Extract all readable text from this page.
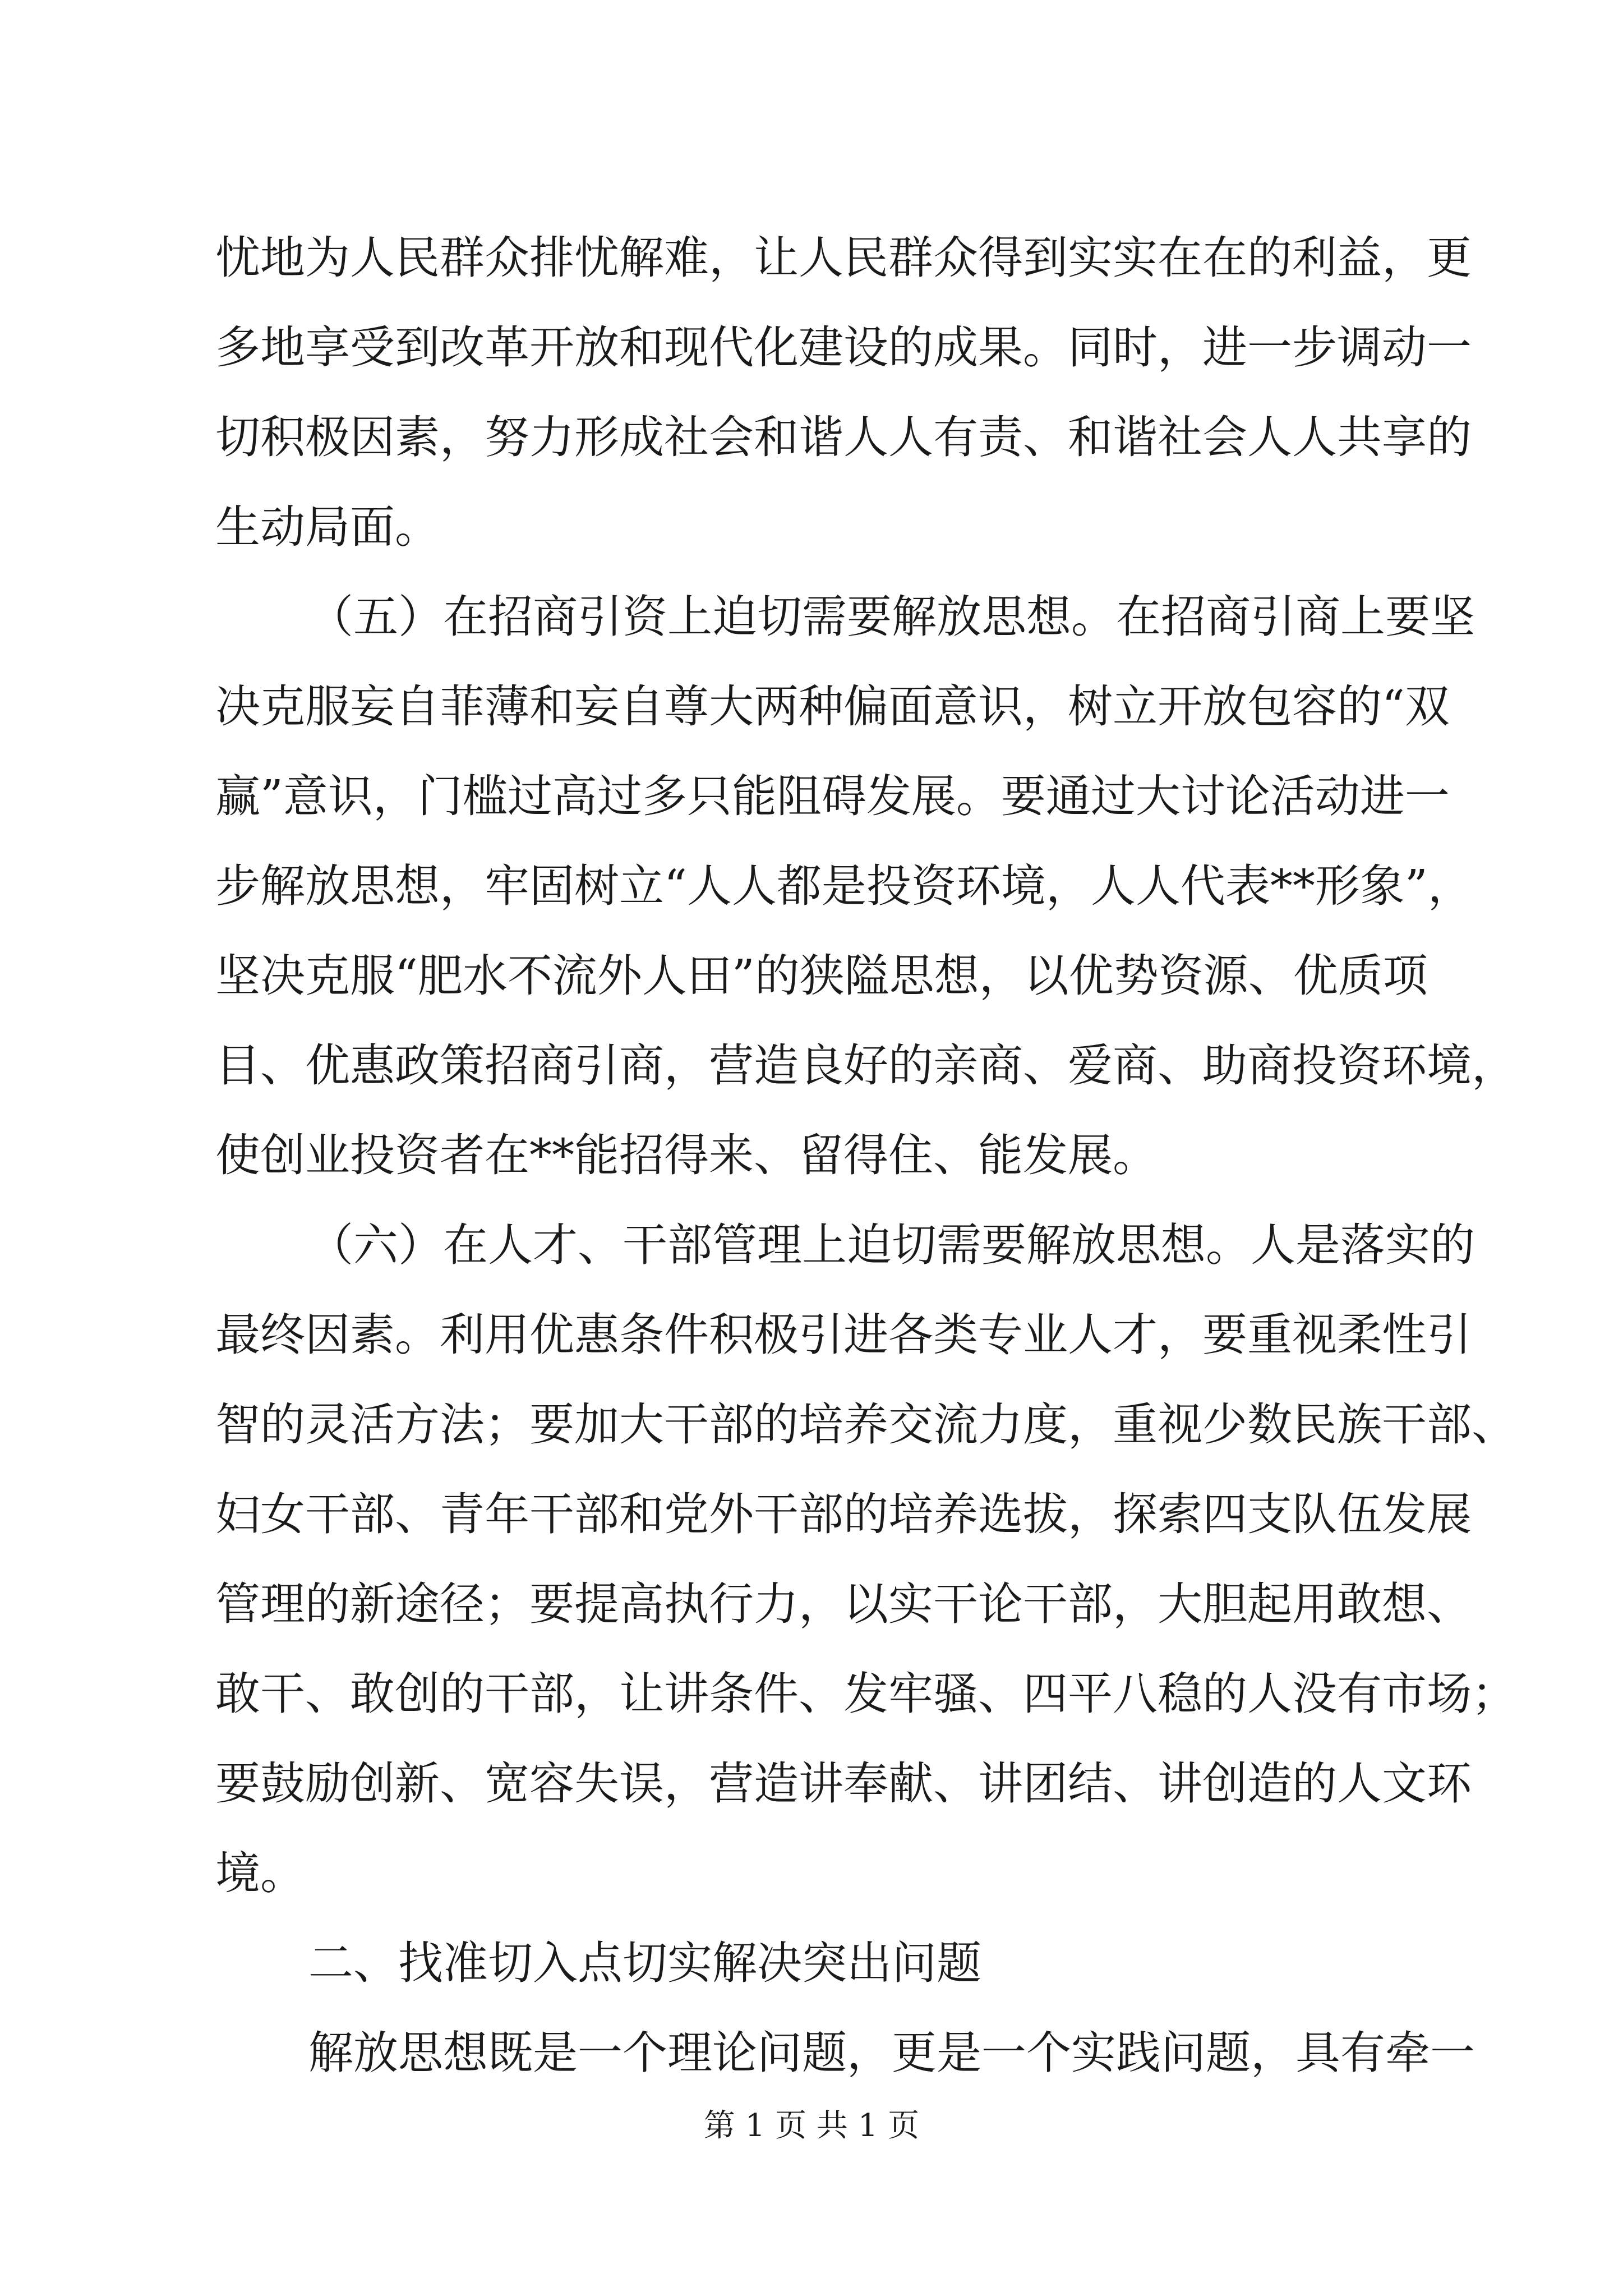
忧地为人民群众排忧解难，让人民群众得到实实在在的利益，更
多地享受到改革开放和现代化建设的成果。同时，进一步调动一
切积极因素，努力形成社会和谐人人有责、和谐社会人人共享的
生动局面。
（五）在招商引资上迫切需要解放思想。在招商引商上要坚
决克服妄自菲薄和妄自尊大两种偏面意识，树立开放包容的“双
赢”意识，门槛过高过多只能阻碍发展。要通过大讨论活动进一
步解放思想，牢固树立“人人都是投资环境，人人代表**形象”，
坚决克服“肥水不流外人田”的狭隘思想，以优势资源、优质项
目、优惠政策招商引商，营造良好的亲商、爱商、助商投资环境，
使创业投资者在**能招得来、留得住、能发展。
（六）在人才、干部管理上迫切需要解放思想。人是落实的
最终因素。利用优惠条件积极引进各类专业人才，要重视柔性引
智的灵活方法；要加大干部的培养交流力度，重视少数民族干部、
妇女干部、青年干部和党外干部的培养选拔，探索四支队伍发展
管理的新途径；要提高执行力，以实干论干部，大胆起用敢想、
敢干、敢创的干部，让讲条件、发牢骚、四平八稳的人没有市场；
要鼓励创新、宽容失误，营造讲奉献、讲团结、讲创造的人文环
境。
二、找准切入点切实解决突出问题
解放思想既是一个理论问题，更是一个实践问题，具有牵一
第 1 页 共 1 页
